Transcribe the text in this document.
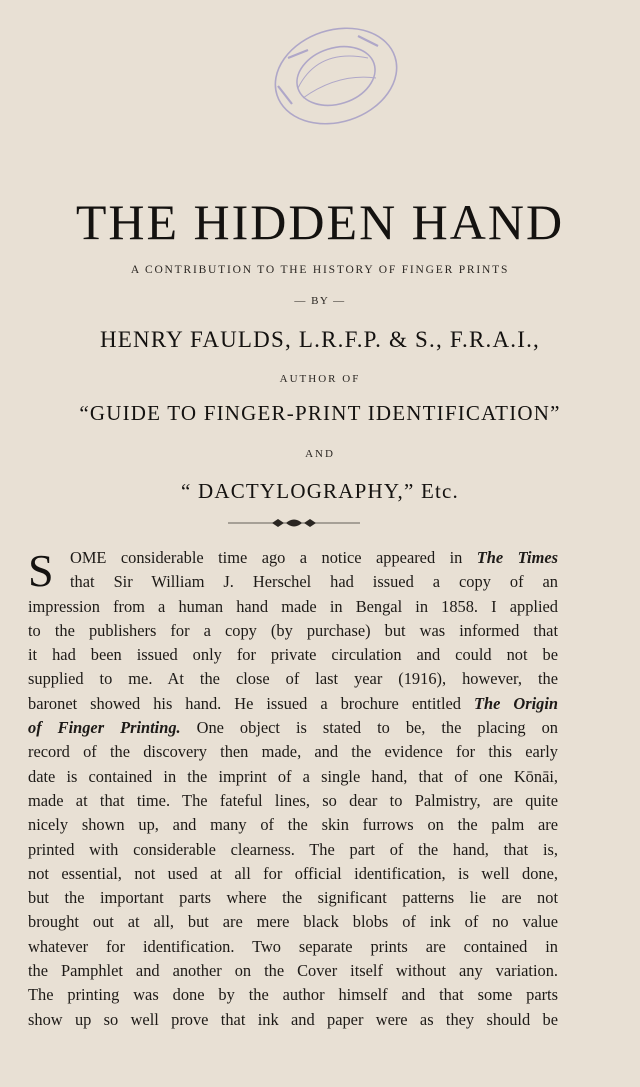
THE HIDDEN HAND
A CONTRIBUTION TO THE HISTORY OF FINGER PRINTS
— BY —
HENRY FAULDS, L.R.F.P. & S., F.R.A.I.,
AUTHOR OF
“GUIDE TO FINGER-PRINT IDENTIFICATION”
AND
“ DACTYLOGRAPHY,” Etc.
S	OME considerable time ago a notice appeared in The Times
that Sir William J. Herschel had issued a copy of an
impression from a human hand made in Bengal in 1858. I applied
to the publishers for a copy (by purchase) but was informed that
it had been issued only for private circulation and could not be
supplied to me. At the close of last year (1916), however, the
baronet showed his hand. He issued a brochure entitled The Origin
of Finger Printing. One object is stated to be, the placing on
record of the discovery then made, and the evidence for this early
date is contained in the imprint of a single hand, that of one Kōnāi,
made at that time. The fateful lines, so dear to Palmistry, are quite
nicely shown up, and many of the skin furrows on the palm are
printed with considerable clearness. The part of the hand, that is,
not essential, not used at all for official identification, is well done,
but the important parts where the significant patterns lie are not
brought out at all, but are mere black blobs of ink of no value
whatever for identification. Two separate prints are contained in
the Pamphlet and another on the Cover itself without any variation.
The printing was done by the author himself and that some parts
show up so well prove that ink and paper were as they should be
